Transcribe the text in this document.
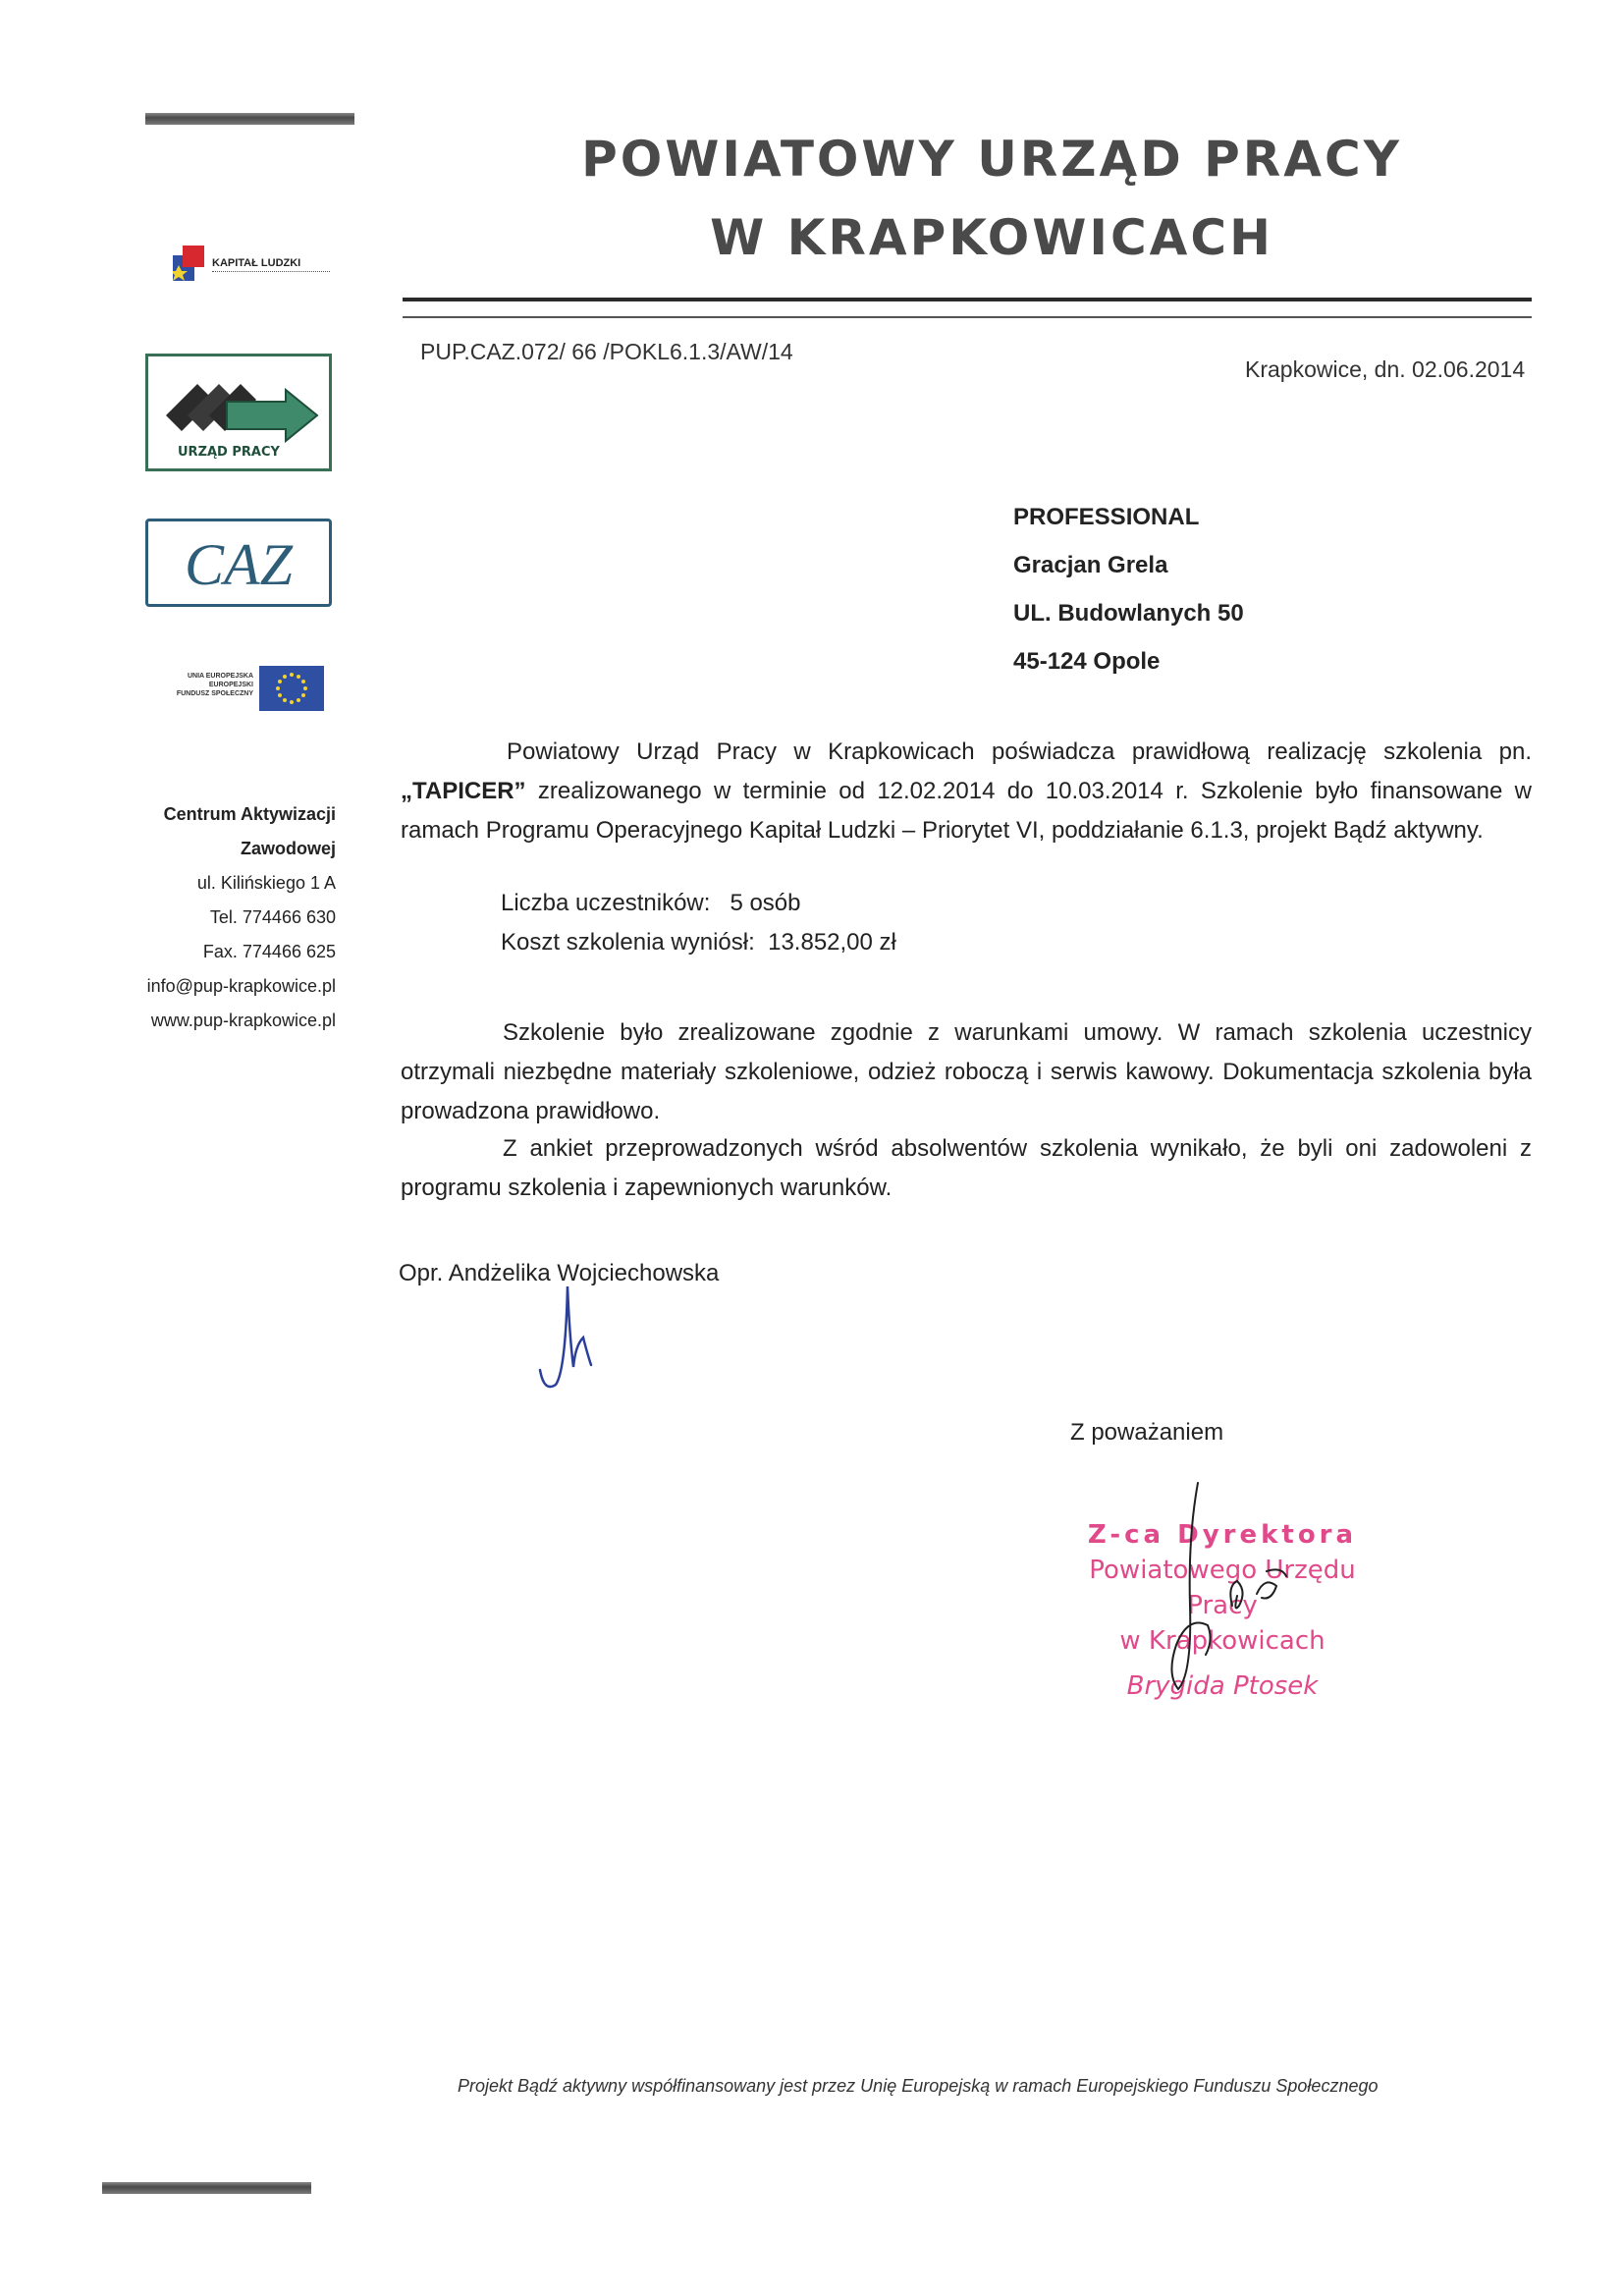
POWIATOWY URZĄD PRACY
W KRAPKOWICACH
KAPITAŁ LUDZKI
URZĄD PRACY
CAZ
UNIA EUROPEJSKA
EUROPEJSKI
FUNDUSZ SPOŁECZNY
Centrum Aktywizacji
Zawodowej
ul. Kilińskiego 1 A
Tel. 774466 630
Fax. 774466 625
info@pup-krapkowice.pl
www.pup-krapkowice.pl
PUP.CAZ.072/ 66 /POKL6.1.3/AW/14
Krapkowice, dn. 02.06.2014
PROFESSIONAL
Gracjan Grela
UL. Budowlanych 50
45-124 Opole
Powiatowy Urząd Pracy w Krapkowicach poświadcza prawidłową realizację szkolenia pn. „TAPICER” zrealizowanego w terminie od 12.02.2014 do 10.03.2014 r. Szkolenie było finansowane w ramach Programu Operacyjnego Kapitał Ludzki – Priorytet VI, poddziałanie 6.1.3, projekt Bądź aktywny.
Liczba uczestników:   5 osób
Koszt szkolenia wyniósł:  13.852,00 zł
Szkolenie było zrealizowane zgodnie z warunkami umowy. W ramach szkolenia uczestnicy otrzymali niezbędne materiały szkoleniowe, odzież roboczą i serwis kawowy. Dokumentacja szkolenia była prowadzona prawidłowo.
Z ankiet przeprowadzonych wśród absolwentów szkolenia wynikało, że byli oni zadowoleni z programu szkolenia i zapewnionych warunków.
Opr. Andżelika Wojciechowska
Z poważaniem
Z-ca Dyrektora
Powiatowego Urzędu Pracy
w Krapkowicach
Brygida Ptosek
Projekt Bądź aktywny współfinansowany jest przez Unię Europejską w ramach Europejskiego Funduszu Społecznego
